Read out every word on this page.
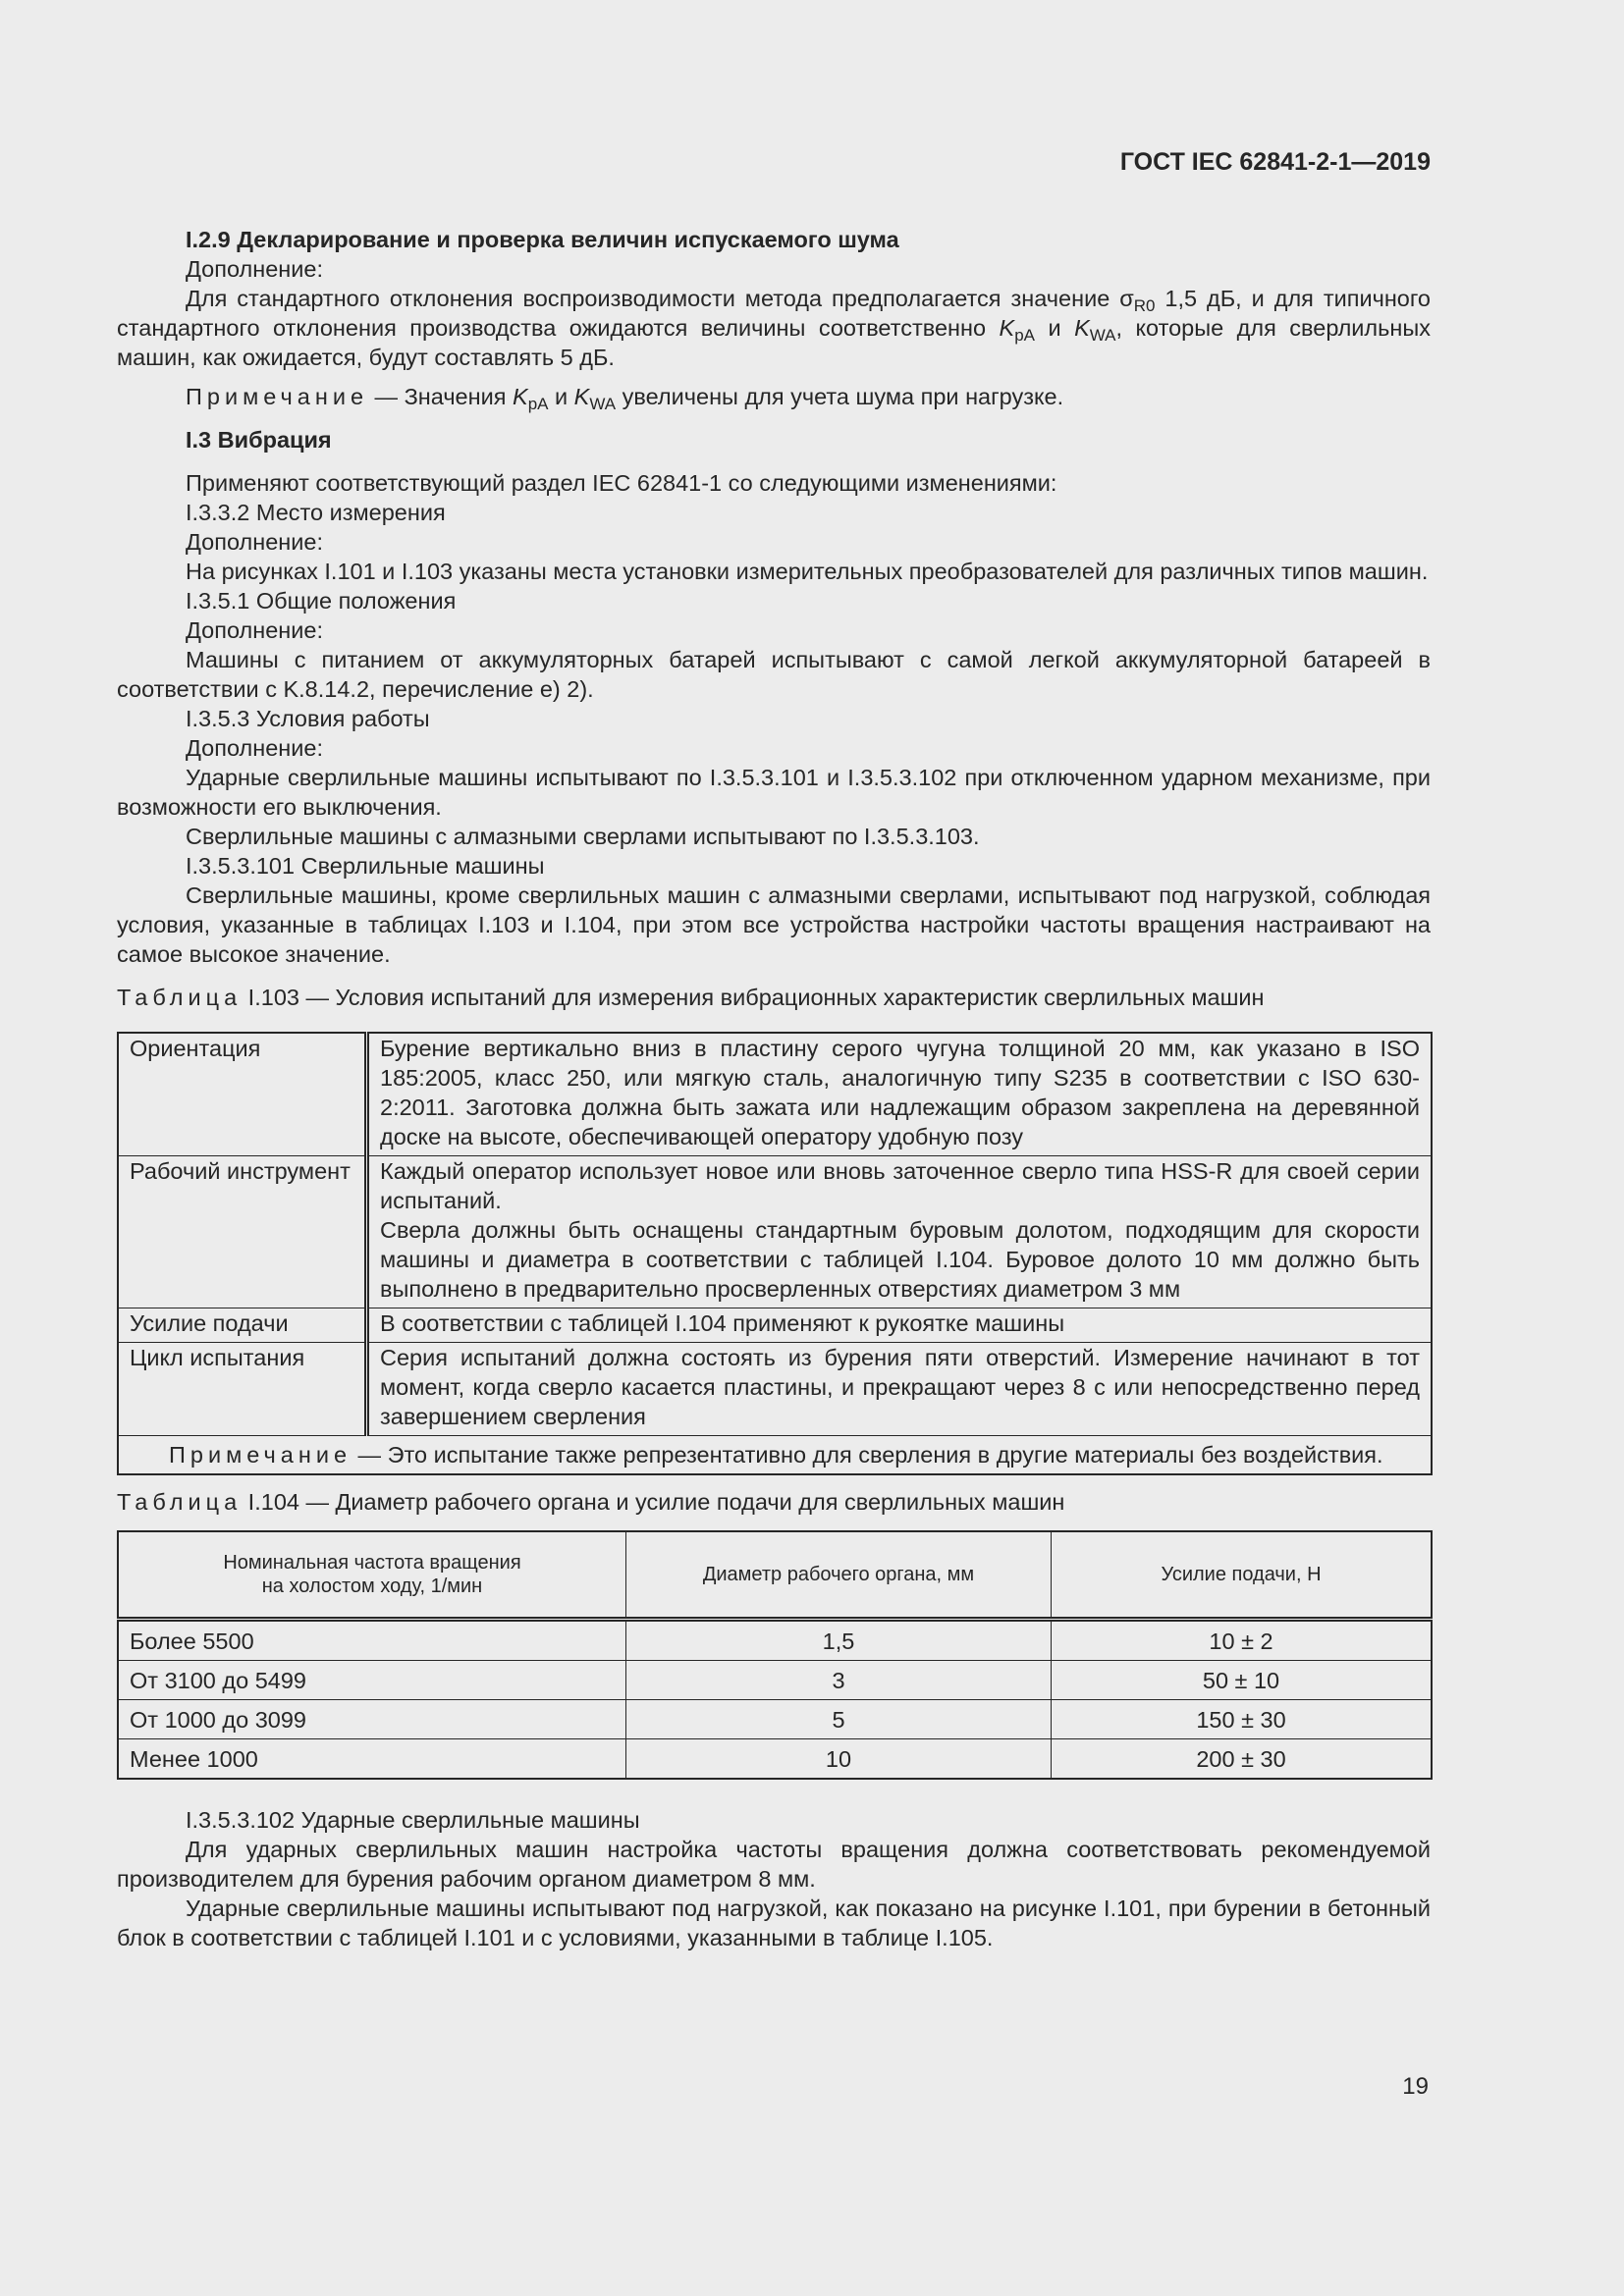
ГОСТ IEC 62841-2-1—2019

I.2.9 Декларирование и проверка величин испускаемого шума

Дополнение:

Для стандартного отклонения воспроизводимости метода предполагается значение $\sigma_{R0}$ 1,5 дБ, и для типичного стандартного отклонения производства ожидаются величины соответственно $K_{pA}$ и $K_{WA}$, которые для сверлильных машин, как ожидается, будут составлять 5 дБ.

Примечание — Значения $K_{pA}$ и $K_{WA}$ увеличены для учета шума при нагрузке.

I.3 Вибрация

Применяют соответствующий раздел IEC 62841-1 со следующими изменениями:

I.3.3.2 Место измерения

Дополнение:

На рисунках I.101 и I.103 указаны места установки измерительных преобразователей для различных типов машин.

I.3.5.1 Общие положения

Дополнение:

Машины с питанием от аккумуляторных батарей испытывают с самой легкой аккумуляторной батареей в соответствии с K.8.14.2, перечисление е) 2).

I.3.5.3 Условия работы

Дополнение:

Ударные сверлильные машины испытывают по I.3.5.3.101 и I.3.5.3.102 при отключенном ударном механизме, при возможности его выключения.

Сверлильные машины с алмазными сверлами испытывают по I.3.5.3.103.

I.3.5.3.101 Сверлильные машины

Сверлильные машины, кроме сверлильных машин с алмазными сверлами, испытывают под нагрузкой, соблюдая условия, указанные в таблицах I.103 и I.104, при этом все устройства настройки частоты вращения настраивают на самое высокое значение.

Таблица I.103 — Условия испытаний для измерения вибрационных характеристик сверлильных машин

Ориентация	Бурение вертикально вниз в пластину серого чугуна толщиной 20 мм, как указано в ISO 185:2005, класс 250, или мягкую сталь, аналогичную типу S235 в соответствии с ISO 630-2:2011. Заготовка должна быть зажата или надлежащим образом закреплена на деревянной доске на высоте, обеспечивающей оператору удобную позу
Рабочий инструмент	Каждый оператор использует новое или вновь заточенное сверло типа HSS-R для своей серии испытаний.
Сверла должны быть оснащены стандартным буровым долотом, подходящим для скорости машины и диаметра в соответствии с таблицей I.104. Буровое долото 10 мм должно быть выполнено в предварительно просверленных отверстиях диаметром 3 мм

Усилие подачи	В соответствии с таблицей I.104 применяют к рукоятке машины
Цикл испытания	Серия испытаний должна состоять из бурения пяти отверстий. Измерение начинают в тот момент, когда сверло касается пластины, и прекращают через 8 с или непосредственно перед завершением сверления
Примечание — Это испытание также репрезентативно для сверления в другие материалы без воздействия.	

Таблица I.104 — Диаметр рабочего органа и усилие подачи для сверлильных машин

Номинальная частота вращения
на холостом ходу, 1/мин	Диаметр рабочего органа, мм	Усилие подачи, Н
Более 5500	1,5	10 ± 2
От 3100 до 5499	3	50 ± 10
От 1000 до 3099	5	150 ± 30
Менее 1000	10	200 ± 30

I.3.5.3.102 Ударные сверлильные машины

Для ударных сверлильных машин настройка частоты вращения должна соответствовать рекомендуемой производителем для бурения рабочим органом диаметром 8 мм.

Ударные сверлильные машины испытывают под нагрузкой, как показано на рисунке I.101, при бурении в бетонный блок в соответствии с таблицей I.101 и с условиями, указанными в таблице I.105.

19
